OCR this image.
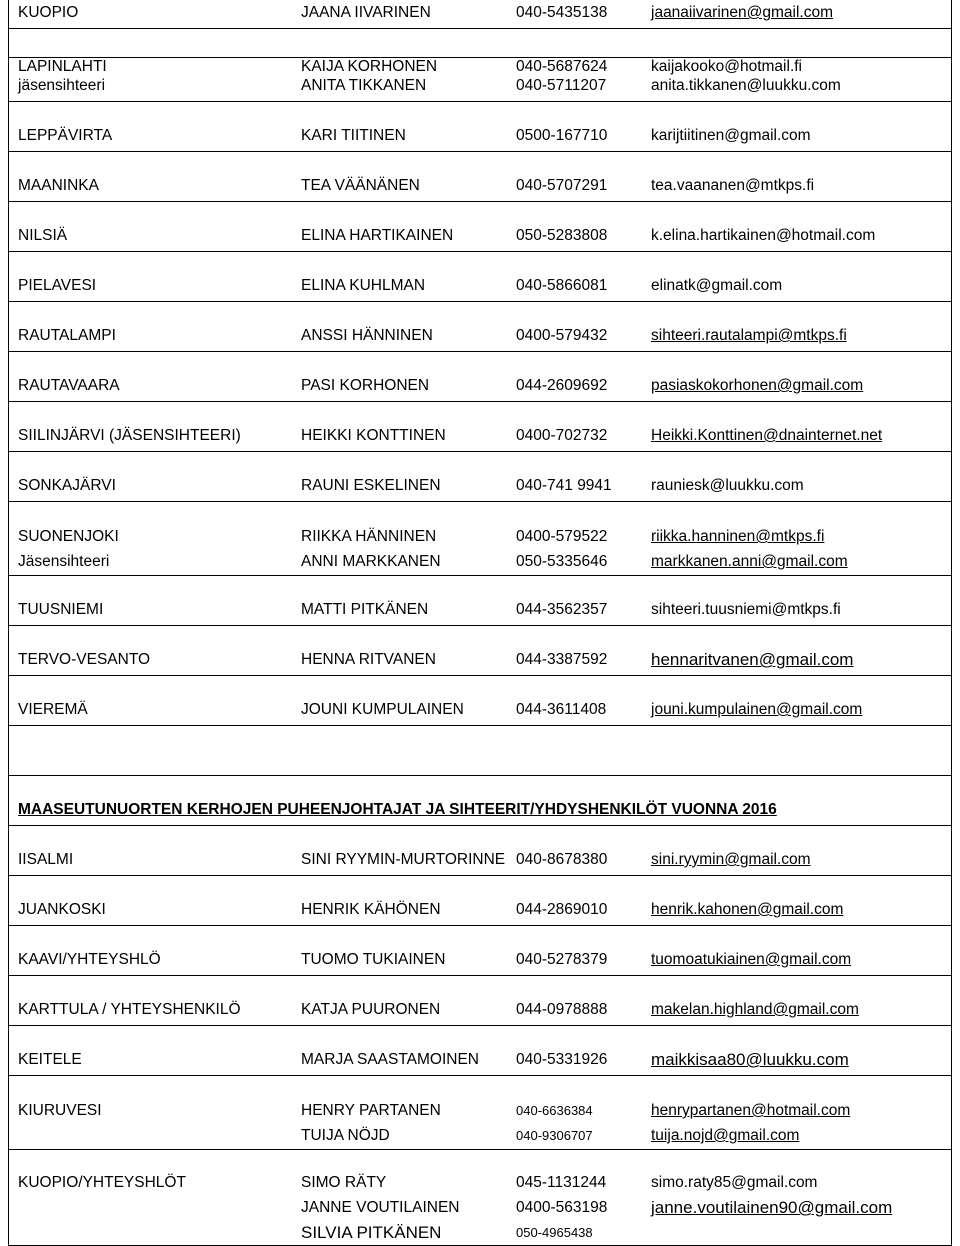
KUOPIO	JAANA IIVARINEN	040-5435138	jaanaiivarinen@gmail.com
LAPINLAHTI	KAIJA KORHONEN	040-5687624	kaijakooko@hotmail.fi
jäsensihteeri	ANITA TIKKANEN	040-5711207	anita.tikkanen@luukku.com
LEPPÄVIRTA	KARI TIITINEN	0500-167710	karijtiitinen@gmail.com
MAANINKA	TEA VÄÄNÄNEN	040-5707291	tea.vaananen@mtkps.fi
NILSIÄ	ELINA HARTIKAINEN	050-5283808	k.elina.hartikainen@hotmail.com
PIELAVESI	ELINA KUHLMAN	040-5866081	elinatk@gmail.com
RAUTALAMPI	ANSSI HÄNNINEN	0400-579432	sihteeri.rautalampi@mtkps.fi
RAUTAVAARA	PASI KORHONEN	044-2609692	pasiaskokorhonen@gmail.com
SIILINJÄRVI (JÄSENSIHTEERI)	HEIKKI KONTTINEN	0400-702732	Heikki.Konttinen@dnainternet.net
SONKAJÄRVI	RAUNI ESKELINEN	040-741 9941	rauniesk@luukku.com
SUONENJOKI	RIIKKA HÄNNINEN	0400-579522	riikka.hanninen@mtkps.fi
Jäsensihteeri	ANNI MARKKANEN	050-5335646	markkanen.anni@gmail.com
TUUSNIEMI	MATTI PITKÄNEN	044-3562357	sihteeri.tuusniemi@mtkps.fi
TERVO-VESANTO	HENNA RITVANEN	044-3387592	hennaritvanen@gmail.com
VIEREMÄ	JOUNI KUMPULAINEN	044-3611408	jouni.kumpulainen@gmail.com
MAASEUTUNUORTEN KERHOJEN PUHEENJOHTAJAT JA SIHTEERIT/YHDYSHENKILÖT VUONNA 2016
IISALMI	SINI RYYMIN-MURTORINNE 040-8678380	sini.ryymin@gmail.com
JUANKOSKI	HENRIK KÄHÖNEN	044-2869010	henrik.kahonen@gmail.com
KAAVI/YHTEYSHLÖ	TUOMO TUKIAINEN	040-5278379	tuomoatukiainen@gmail.com
KARTTULA / YHTEYSHENKILÖ	KATJA PUURONEN	044-0978888	makelan.highland@gmail.com
KEITELE	MARJA SAASTAMOINEN 040-5331926	maikkisaa80@luukku.com
KIURUVESI	HENRY PARTANEN	040-6636384	henrypartanen@hotmail.com
TUIJA NÖJD	040-9306707	tuija.nojd@gmail.com
KUOPIO/YHTEYSHLÖT	SIMO RÄTY	045-1131244	simo.raty85@gmail.com
JANNE VOUTILAINEN	0400-563198	janne.voutilainen90@gmail.com
SILVIA PITKÄNEN	050-4965438
